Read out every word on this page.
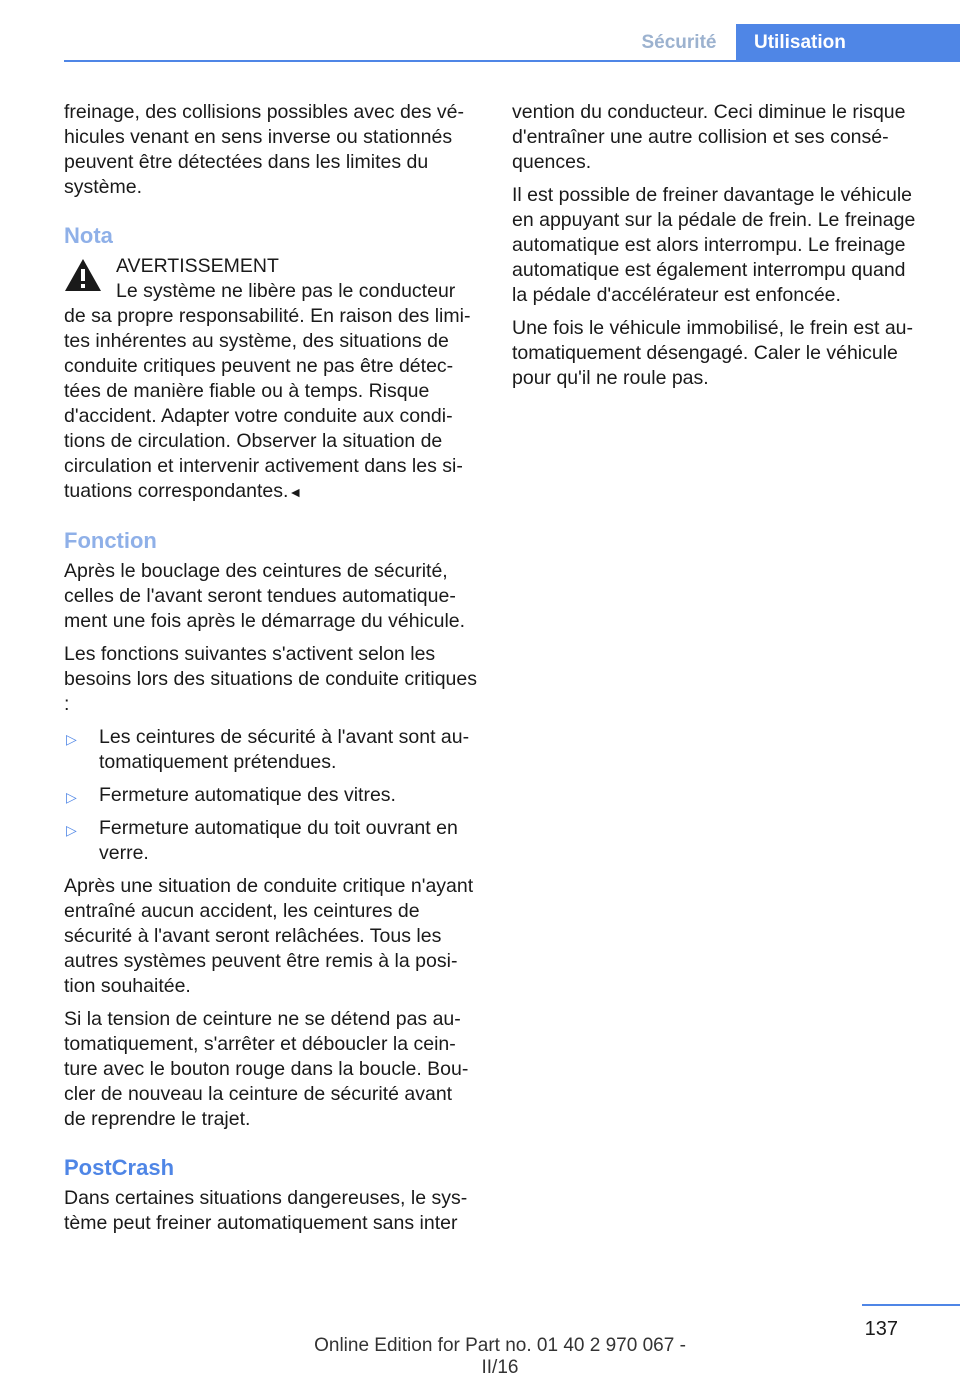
Sécurité	Utilisation

freinage, des collisions possibles avec des véhicules venant en sens inverse ou stationnés peuvent être détectées dans les limites du système.

Nota
AVERTISSEMENT
Le système ne libère pas le conducteur
de sa propre responsabilité. En raison des limites inhérentes au système, des situations de conduite critiques peuvent ne pas être détectées de manière fiable ou à temps. Risque d'accident. Adapter votre conduite aux conditions de circulation. Observer la situation de circulation et intervenir activement dans les situations correspondantes.◄
Fonction

Après le bouclage des ceintures de sécurité, celles de l'avant seront tendues automatiquement une fois après le démarrage du véhicule.

Les fonctions suivantes s'activent selon les besoins lors des situations de conduite critiques :

▷ Les ceintures de sécurité à l'avant sont automatiquement prétendues.
▷ Fermeture automatique des vitres.
▷ Fermeture automatique du toit ouvrant en verre.

Après une situation de conduite critique n'ayant entraîné aucun accident, les ceintures de sécurité à l'avant seront relâchées. Tous les autres systèmes peuvent être remis à la position souhaitée.

Si la tension de ceinture ne se détend pas automatiquement, s'arrêter et déboucler la ceinture avec le bouton rouge dans la boucle. Boucler de nouveau la ceinture de sécurité avant de reprendre le trajet.

PostCrash

Dans certaines situations dangereuses, le système peut freiner automatiquement sans inter

vention du conducteur. Ceci diminue le risque d'entraîner une autre collision et ses conséquences.

Il est possible de freiner davantage le véhicule en appuyant sur la pédale de frein. Le freinage automatique est alors interrompu. Le freinage automatique est également interrompu quand la pédale d'accélérateur est enfoncée.

Une fois le véhicule immobilisé, le frein est automatiquement désengagé. Caler le véhicule pour qu'il ne roule pas.

137
Online Edition for Part no. 01 40 2 970 067 - II/16
